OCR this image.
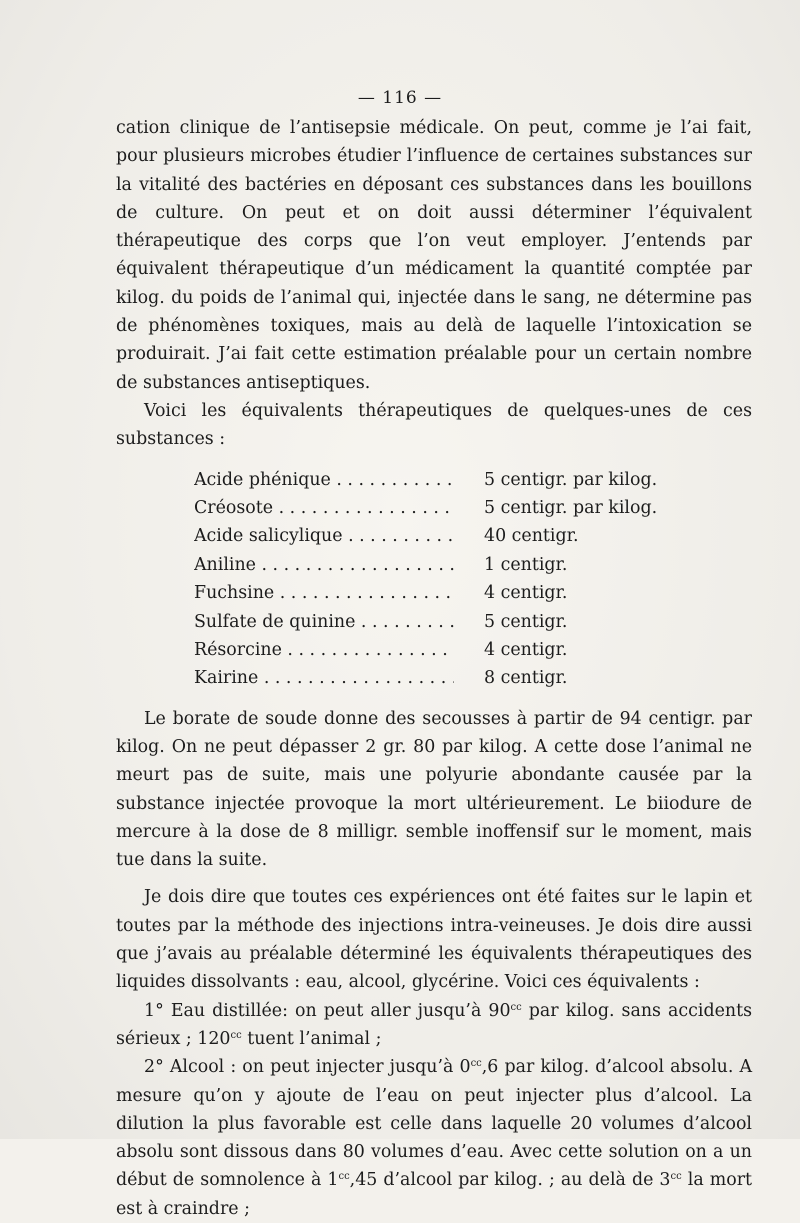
— 116 —

cation clinique de l’antisepsie médicale. On peut, comme je l’ai fait, pour plusieurs microbes étudier l’influence de certaines substances sur la vitalité des bactéries en déposant ces substances dans les bouillons de culture. On peut et on doit aussi déterminer l’équivalent thérapeutique des corps que l’on veut employer. J’entends par équivalent thérapeutique d’un médicament la quantité comptée par kilog. du poids de l’animal qui, injectée dans le sang, ne détermine pas de phénomènes toxiques, mais au delà de laquelle l’intoxication se produirait. J’ai fait cette estimation préalable pour un certain nombre de substances antiseptiques.

Voici les équivalents thérapeutiques de quelques-unes de ces substances :

Acide phénique . . .	5 centigr. par kilog.
Créosote . . .	5 centigr. par kilog.
Acide salicylique . . .	40 centigr.
Aniline . . .	1 centigr.
Fuchsine . . .	4 centigr.
Sulfate de quinine . . .	5 centigr.
Résorcine . . .	4 centigr.
Kairine . . .	8 centigr.

Le borate de soude donne des secousses à partir de 94 centigr. par kilog. On ne peut dépasser 2 gr. 80 par kilog. A cette dose l’animal ne meurt pas de suite, mais une polyurie abondante causée par la substance injectée provoque la mort ultérieurement. Le biiodure de mercure à la dose de 8 milligr. semble inoffensif sur le moment, mais tue dans la suite.

Je dois dire que toutes ces expériences ont été faites sur le lapin et toutes par la méthode des injections intra-veineuses. Je dois dire aussi que j’avais au préalable déterminé les équivalents thérapeutiques des liquides dissolvants : eau, alcool, glycérine. Voici ces équivalents :

1° Eau distillée: on peut aller jusqu’à $90^{cc}$ par kilog. sans accidents sérieux ; $120^{cc}$ tuent l’animal ;

2° Alcool : on peut injecter jusqu’à $0^{cc},6$ par kilog. d’alcool absolu. A mesure qu’on y ajoute de l’eau on peut injecter plus d’alcool. La dilution la plus favorable est celle dans laquelle 20 volumes d’alcool absolu sont dissous dans 80 volumes d’eau. Avec cette solution on a un début de somnolence à $1^{cc},45$ d’alcool par kilog. ; au delà de $3^{cc}$ la mort est à craindre ;
